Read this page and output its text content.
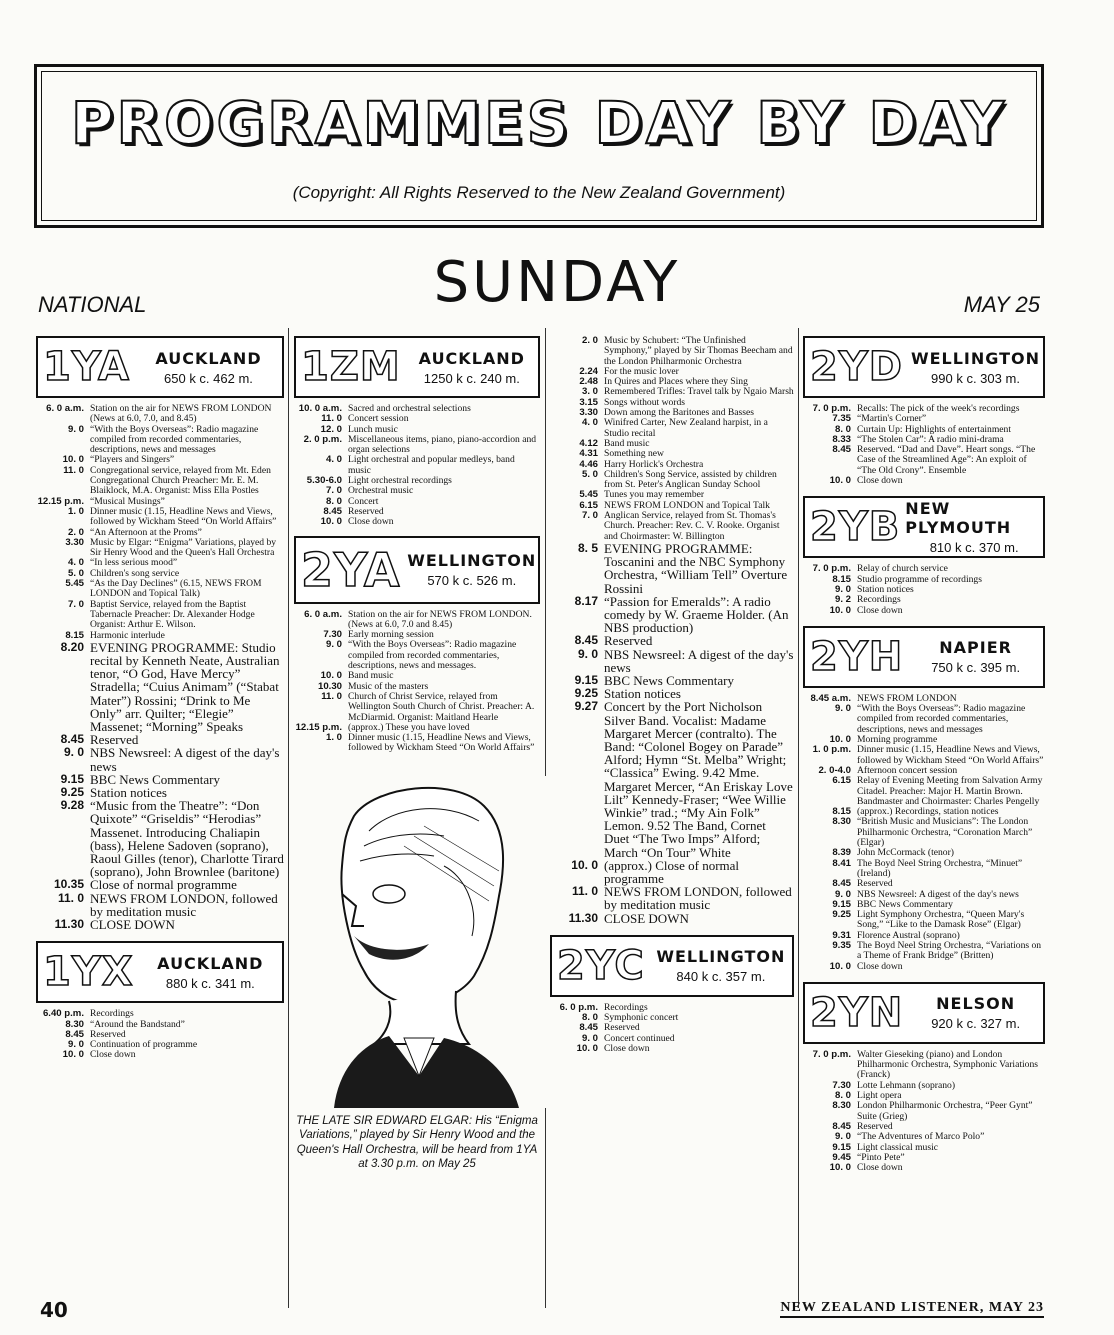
PROGRAMMES DAY BY DAY
(Copyright: All Rights Reserved to the New Zealand Government)
SUNDAY
NATIONAL	MAY 25
1YA	AUCKLAND
650 k c. 462 m.
6. 0 a.m. Station on the air for NEWS FROM LONDON (News at 6.0, 7.0, and 8.45)
9. 0 “With the Boys Overseas”: Radio magazine compiled from recorded commentaries, descriptions, news and messages
10. 0 “Players and Singers”
11. 0 Congregational service, relayed from Mt. Eden Congregational Church Preacher: Mr. E. M. Blaiklock, M.A. Organist: Miss Ella Postles
12.15 p.m. “Musical Musings”
1. 0 Dinner music (1.15, Headline News and Views, followed by Wickham Steed “On World Affairs”
2. 0 “An Afternoon at the Proms”
3.30 Music by Elgar: “Enigma” Variations, played by Sir Henry Wood and the Queen's Hall Orchestra
4. 0 “In less serious mood”
5. 0 Children's song service
5.45 “As the Day Declines” (6.15, NEWS FROM LONDON and Topical Talk)
7. 0 Baptist Service, relayed from the Baptist Tabernacle Preacher: Dr. Alexander Hodge Organist: Arthur E. Wilson.
8.15 Harmonic interlude
8.20 EVENING PROGRAMME: Studio recital by Kenneth Neate, Australian tenor, “O God, Have Mercy” Stradella; “Cuius Animam” (“Stabat Mater”) Rossini; “Drink to Me Only” arr. Quilter; “Elegie” Massenet; “Morning” Speaks
8.45 Reserved
9. 0 NBS Newsreel: A digest of the day's news
9.15 BBC News Commentary
9.25 Station notices
9.28 “Music from the Theatre”: “Don Quixote” “Griseldis” “Herodias” Massenet. Introducing Chaliapin (bass), Helene Sadoven (soprano), Raoul Gilles (tenor), Charlotte Tirard (soprano), John Brownlee (baritone)
10.35 Close of normal programme
11. 0 NEWS FROM LONDON, followed by meditation music
11.30 CLOSE DOWN
1YX	AUCKLAND
880 k c. 341 m.
6.40 p.m. Recordings
8.30 “Around the Bandstand”
8.45 Reserved
9. 0 Continuation of programme
10. 0 Close down
1ZM	AUCKLAND
1250 k c. 240 m.
10. 0 a.m. Sacred and orchestral selections
11. 0 Concert session
12. 0 Lunch music
2. 0 p.m. Miscellaneous items, piano, piano-accordion and organ selections
4. 0 Light orchestral and popular medleys, band music
5.30-6.0 Light orchestral recordings
7. 0 Orchestral music
8. 0 Concert
8.45 Reserved
10. 0 Close down
2YA WELLINGTON
570 k c. 526 m.
6. 0 a.m. Station on the air for NEWS FROM LONDON. (News at 6.0, 7.0 and 8.45)
7.30 Early morning session
9. 0 “With the Boys Overseas”: Radio magazine compiled from recorded commentaries, descriptions, news and messages.
10. 0 Band music
10.30 Music of the masters
11. 0 Church of Christ Service, relayed from Wellington South Church of Christ. Preacher: A. McDiarmid. Organist: Maitland Hearle
12.15 p.m. (approx.) These you have loved
1. 0 Dinner music (1.15, Headline News and Views, followed by Wickham Steed “On World Affairs”
THE LATE SIR EDWARD ELGAR: His “Enigma Variations,” played by Sir Henry Wood and the Queen's Hall Orchestra, will be heard from 1YA at 3.30 p.m. on May 25
2. 0 Music by Schubert: “The Unfinished Symphony,” played by Sir Thomas Beecham and the London Philharmonic Orchestra
2.24 For the music lover
2.48 In Quires and Places where they Sing
3. 0 Remembered Trifles: Travel talk by Ngaio Marsh
3.15 Songs without words
3.30 Down among the Baritones and Basses
4. 0 Winifred Carter, New Zealand harpist, in a Studio recital
4.12 Band music
4.31 Something new
4.46 Harry Horlick's Orchestra
5. 0 Children's Song Service, assisted by children from St. Peter's Anglican Sunday School
5.45 Tunes you may remember
6.15 NEWS FROM LONDON and Topical Talk
7. 0 Anglican Service, relayed from St. Thomas's Church. Preacher: Rev. C. V. Rooke. Organist and Choirmaster: W. Billington
8. 5 EVENING PROGRAMME: Toscanini and the NBC Symphony Orchestra, “William Tell” Overture Rossini
8.17 “Passion for Emeralds”: A radio comedy by W. Graeme Holder. (An NBS production)
8.45 Reserved
9. 0 NBS Newsreel: A digest of the day's news
9.15 BBC News Commentary
9.25 Station notices
9.27 Concert by the Port Nicholson Silver Band. Vocalist: Madame Margaret Mercer (contralto). The Band: “Colonel Bogey on Parade” Alford; Hymn “St. Melba” Wright; “Classica” Ewing. 9.42 Mme. Margaret Mercer, “An Eriskay Love Lilt” Kennedy-Fraser; “Wee Willie Winkie” trad.; “My Ain Folk” Lemon. 9.52 The Band, Cornet Duet “The Two Imps” Alford; March “On Tour” White
10. 0 (approx.) Close of normal programme
11. 0 NEWS FROM LONDON, followed by meditation music
11.30 CLOSE DOWN
2YC WELLINGTON
840 k c. 357 m.
6. 0 p.m. Recordings
8. 0 Symphonic concert
8.45 Reserved
9. 0 Concert continued
10. 0 Close down
2YD WELLINGTON
990 k c. 303 m.
7. 0 p.m. Recalls: The pick of the week's recordings
7.35 “Martin's Corner”
8. 0 Curtain Up: Highlights of entertainment
8.33 “The Stolen Car”: A radio mini-drama
8.45 Reserved. “Dad and Dave”. Heart songs. “The Case of the Streamlined Age”: An exploit of “The Old Crony”. Ensemble
10. 0 Close down
2YB NEW PLYMOUTH
810 k c. 370 m.
7. 0 p.m. Relay of church service
8.15 Studio programme of recordings
9. 0 Station notices
9. 2 Recordings
10. 0 Close down
2YH	NAPIER
750 k c. 395 m.
8.45 a.m. NEWS FROM LONDON
9. 0 “With the Boys Overseas”: Radio magazine compiled from recorded commentaries, descriptions, news and messages
10. 0 Morning programme
1. 0 p.m. Dinner music (1.15, Headline News and Views, followed by Wickham Steed “On World Affairs”
2. 0-4.0 Afternoon concert session
6.15 Relay of Evening Meeting from Salvation Army Citadel. Preacher: Major H. Martin Brown. Bandmaster and Choirmaster: Charles Pengelly
8.15 (approx.) Recordings, station notices
8.30 “British Music and Musicians”: The London Philharmonic Orchestra, “Coronation March” (Elgar)
8.39 John McCormack (tenor)
8.41 The Boyd Neel String Orchestra, “Minuet” (Ireland)
8.45 Reserved
9. 0 NBS Newsreel: A digest of the day's news
9.15 BBC News Commentary
9.25 Light Symphony Orchestra, “Queen Mary's Song,” “Like to the Damask Rose” (Elgar)
9.31 Florence Austral (soprano)
9.35 The Boyd Neel String Orchestra, “Variations on a Theme of Frank Bridge” (Britten)
10. 0 Close down
2YN	NELSON
920 k c. 327 m.
7. 0 p.m. Walter Gieseking (piano) and London Philharmonic Orchestra, Symphonic Variations (Franck)
7.30 Lotte Lehmann (soprano)
8. 0 Light opera
8.30 London Philharmonic Orchestra, “Peer Gynt” Suite (Grieg)
8.45 Reserved
9. 0 “The Adventures of Marco Polo”
9.15 Light classical music
9.45 “Pinto Pete”
10. 0 Close down
40	NEW ZEALAND LISTENER, MAY 23
